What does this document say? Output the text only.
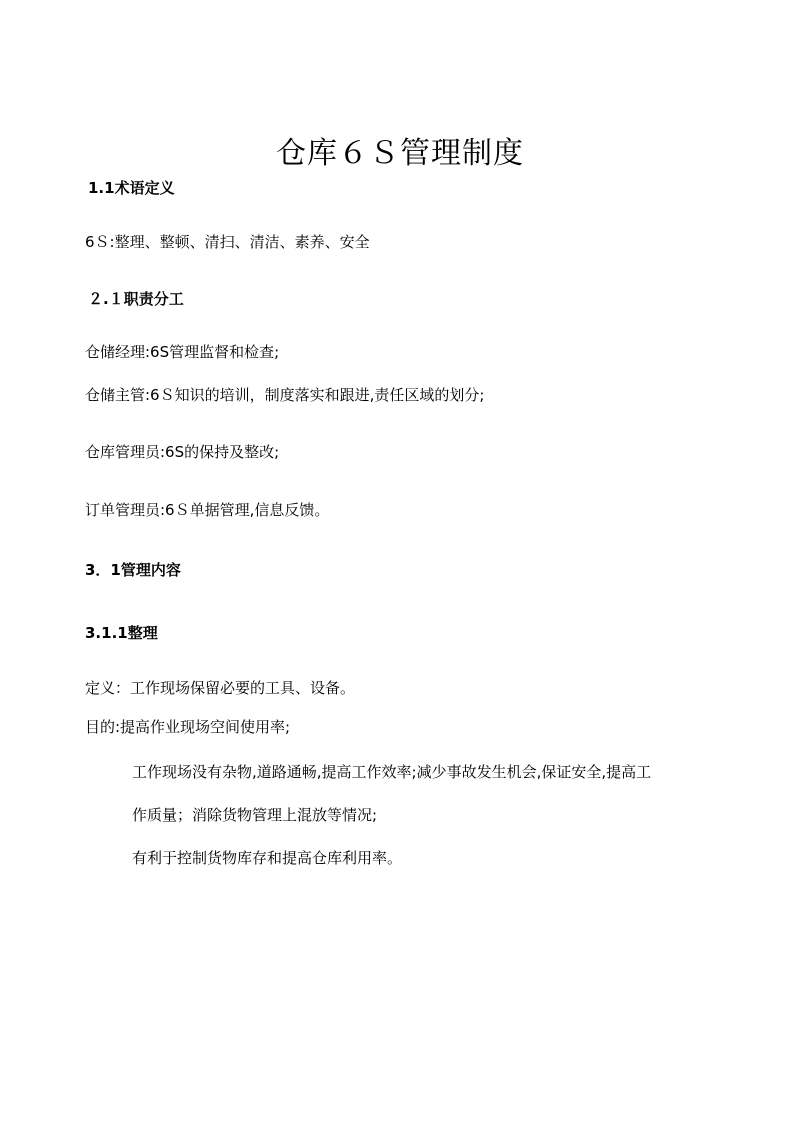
仓库６Ｓ管理制度
1.1术语定义
6Ｓ:整理、整顿、清扫、清洁、素养、安全
２.１职责分工
仓储经理:6S管理监督和检查;
仓储主管:6Ｓ知识的培训，制度落实和跟进,责任区域的划分;
仓库管理员:6S的保持及整改;
订单管理员:6Ｓ单据管理,信息反馈。
3．1管理内容
3.1.1整理
定义：工作现场保留必要的工具、设备。
目的:提高作业现场空间使用率;
工作现场没有杂物,道路通畅,提高工作效率;减少事故发生机会,保证安全,提高工
作质量；消除货物管理上混放等情况;
有利于控制货物库存和提高仓库利用率。
